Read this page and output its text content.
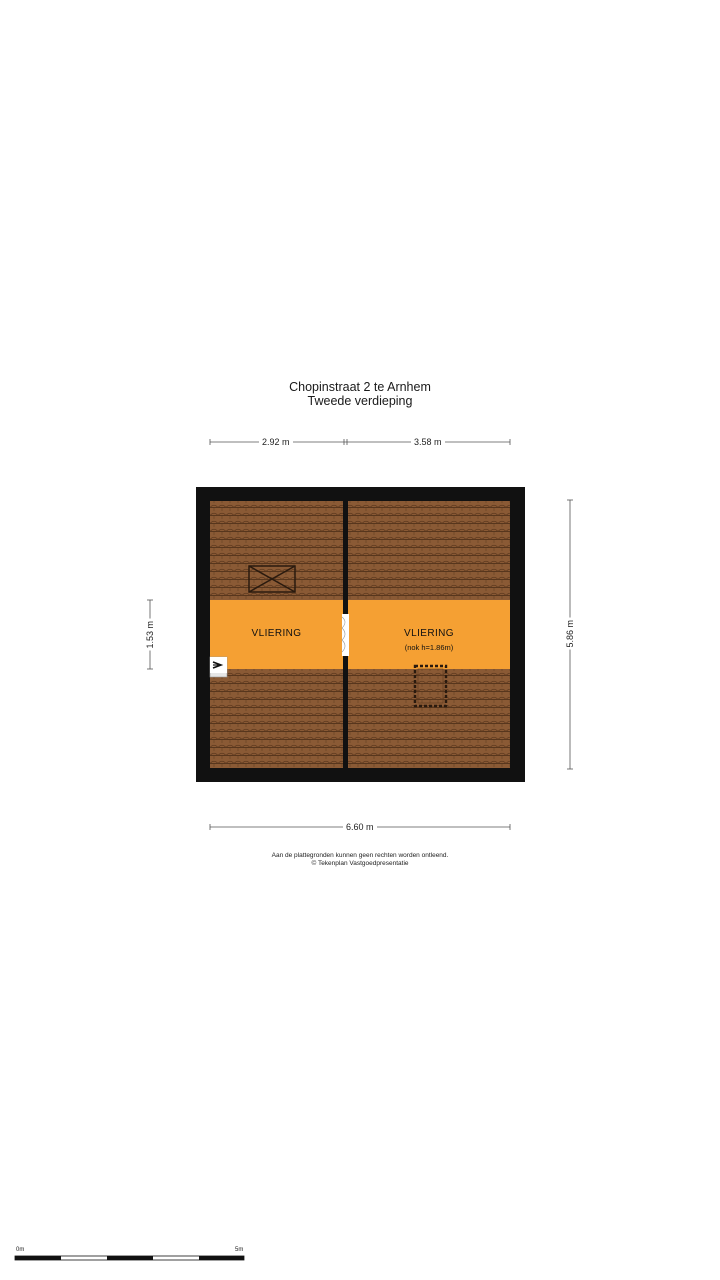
Chopinstraat 2 te Arnhem
Tweede verdieping
2.92 m	3.58 m
6.60 m
1.53 m	5.86 m
VLIERING	VLIERING
(nok h=1.86m)
Aan de plattegronden kunnen geen rechten worden ontleend.
© Tekenplan Vastgoedpresentatie
0m	5m
